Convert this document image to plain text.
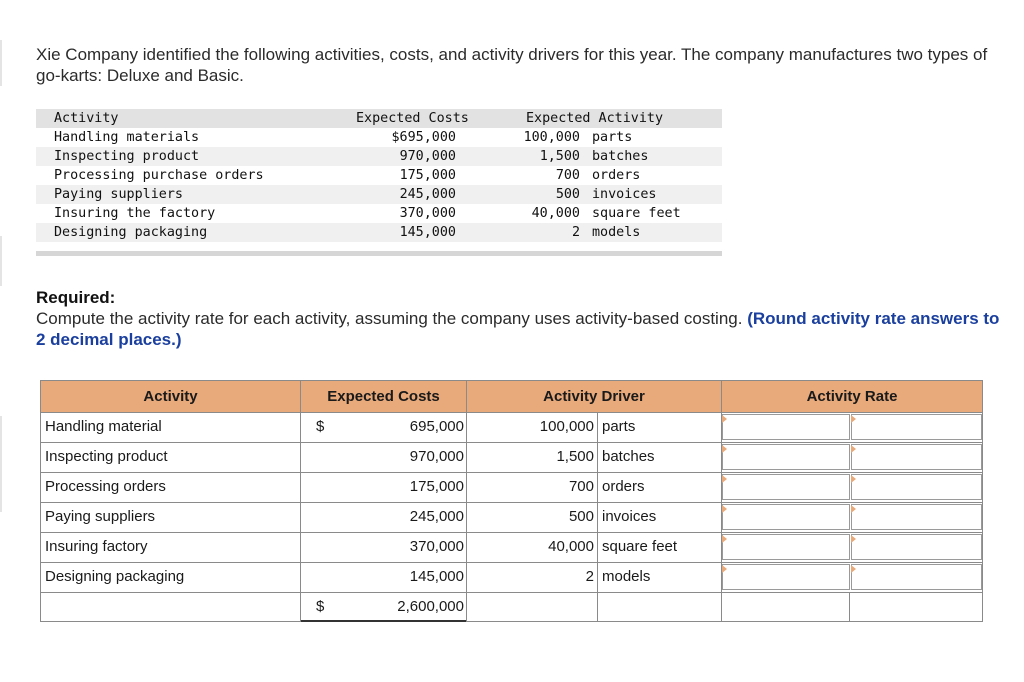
Xie Company identified the following activities, costs, and activity drivers for this year. The company manufactures two types of go-karts: Deluxe and Basic.

Activity	Expected Costs	Expected Activity
Handling materials	$695,000	100,000 parts
Inspecting product	970,000	1,500 batches
Processing purchase orders	175,000	700 orders
Paying suppliers	245,000	500 invoices
Insuring the factory	370,000	40,000 square feet
Designing packaging	145,000	2 models
Required:
Compute the activity rate for each activity, assuming the company uses activity-based costing. (Round activity rate answers to 2 decimal places.)
Activity	Expected Costs	Activity Driver	Activity Rate
Handling material	$	695,000	100,000 parts
Inspecting product	970,000	1,500 batches
Processing orders	175,000	700 orders
Paying suppliers	245,000	500 invoices
Insuring factory	370,000	40,000 square feet
Designing packaging	145,000	2 models
$	2,600,000
